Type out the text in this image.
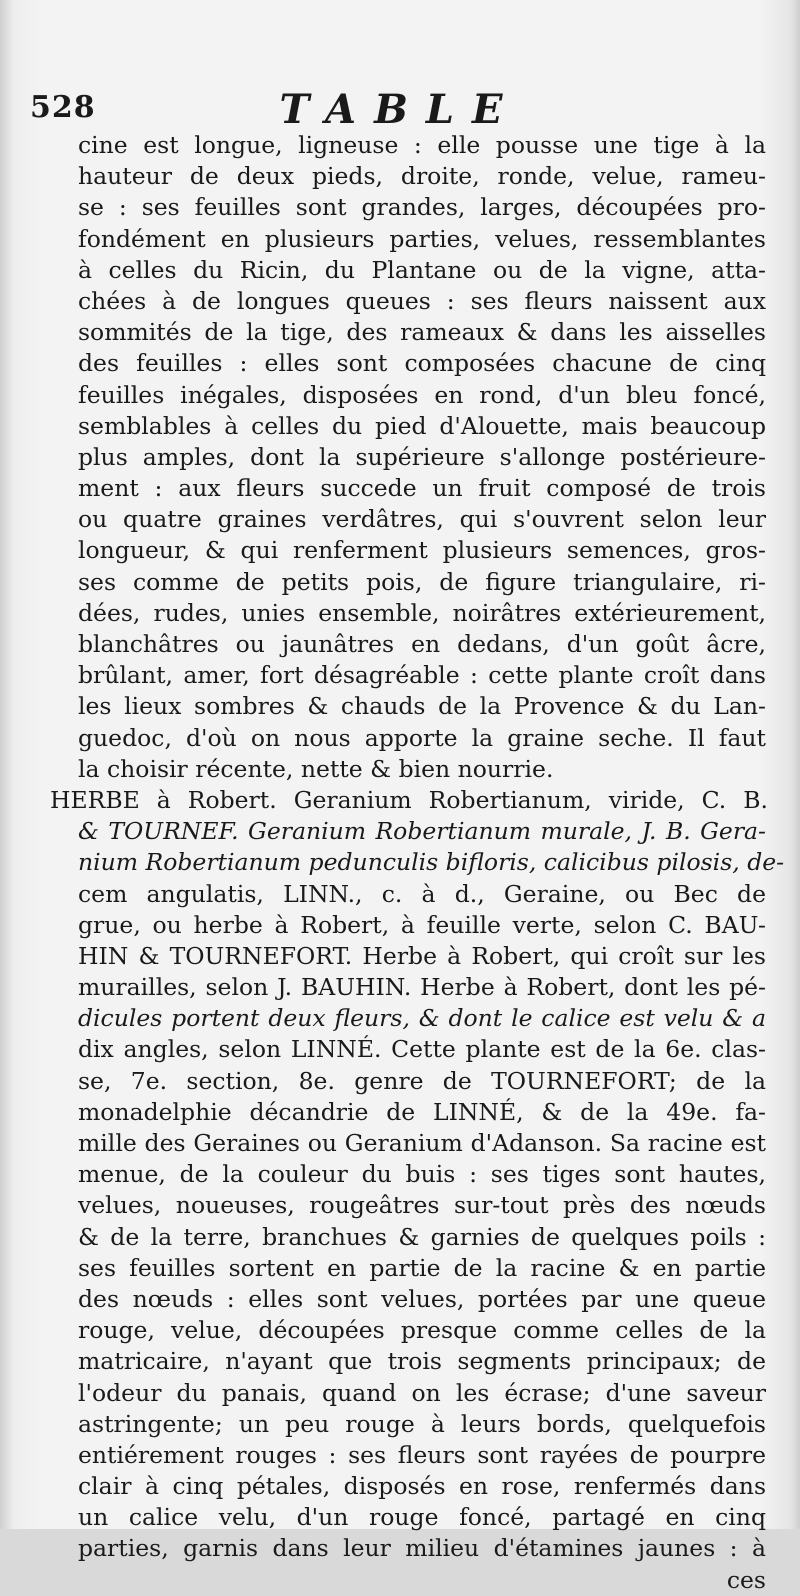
528	TABLE
cine est longue, ligneuse : elle pousse une tige à la
hauteur de deux pieds, droite, ronde, velue, rameu-
se : ses feuilles sont grandes, larges, découpées pro-
fondément en plusieurs parties, velues, ressemblantes
à celles du Ricin, du Plantane ou de la vigne, atta-
chées à de longues queues : ses fleurs naissent aux
sommités de la tige, des rameaux & dans les aisselles
des feuilles : elles sont composées chacune de cinq
feuilles inégales, disposées en rond, d'un bleu foncé,
semblables à celles du pied d'Alouette, mais beaucoup
plus amples, dont la supérieure s'allonge postérieure-
ment : aux fleurs succede un fruit composé de trois
ou quatre graines verdâtres, qui s'ouvrent selon leur
longueur, & qui renferment plusieurs semences, gros-
ses comme de petits pois, de figure triangulaire, ri-
dées, rudes, unies ensemble, noirâtres extérieurement,
blanchâtres ou jaunâtres en dedans, d'un goût âcre,
brûlant, amer, fort désagréable : cette plante croît dans
les lieux sombres & chauds de la Provence & du Lan-
guedoc, d'où on nous apporte la graine seche. Il faut
la choisir récente, nette & bien nourrie.
HERBE à Robert. Geranium Robertianum, viride, C. B.
& TOURNEF. Geranium Robertianum murale, J. B. Gera-
nium Robertianum pedunculis bifloris, calicibus pilosis, de-
cem angulatis, LINN., c. à d., Geraine, ou Bec de
grue, ou herbe à Robert, à feuille verte, selon C. BAU-
HIN & TOURNEFORT. Herbe à Robert, qui croît sur les
murailles, selon J. BAUHIN. Herbe à Robert, dont les pé-
dicules portent deux fleurs, & dont le calice est velu & a
dix angles, selon LINNÉ. Cette plante est de la 6e. clas-
se, 7e. section, 8e. genre de TOURNEFORT; de la
monadelphie décandrie de LINNÉ, & de la 49e. fa-
mille des Geraines ou Geranium d'Adanson. Sa racine est
menue, de la couleur du buis : ses tiges sont hautes,
velues, noueuses, rougeâtres sur-tout près des nœuds
& de la terre, branchues & garnies de quelques poils :
ses feuilles sortent en partie de la racine & en partie
des nœuds : elles sont velues, portées par une queue
rouge, velue, découpées presque comme celles de la
matricaire, n'ayant que trois segments principaux; de
l'odeur du panais, quand on les écrase; d'une saveur
astringente; un peu rouge à leurs bords, quelquefois
entiérement rouges : ses fleurs sont rayées de pourpre
clair à cinq pétales, disposés en rose, renfermés dans
un calice velu, d'un rouge foncé, partagé en cinq
parties, garnis dans leur milieu d'étamines jaunes : à
ces
